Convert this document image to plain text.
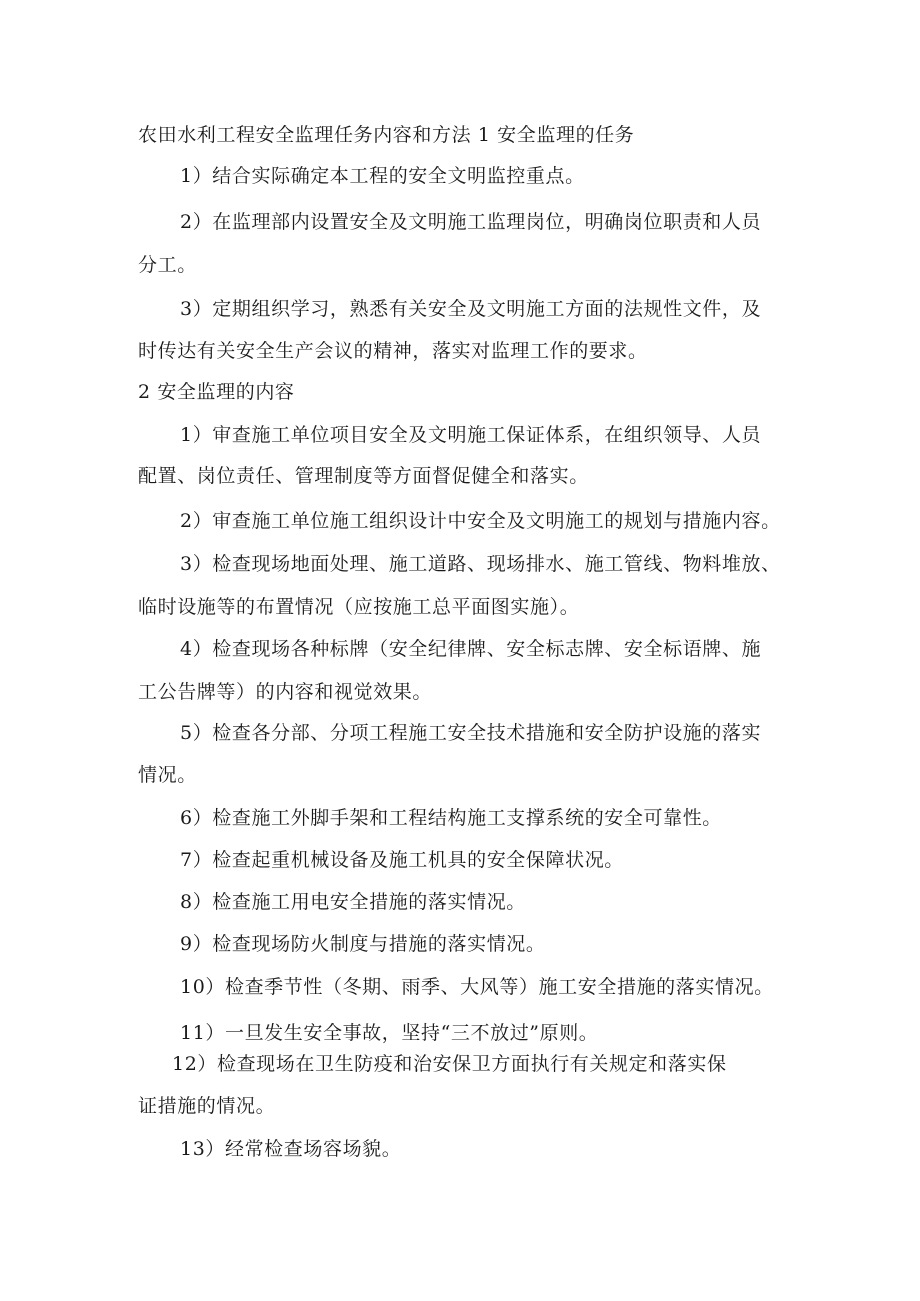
农田水利工程安全监理任务内容和方法 1 安全监理的任务
1）结合实际确定本工程的安全文明监控重点。
2）在监理部内设置安全及文明施工监理岗位，明确岗位职责和人员
分工。
3）定期组织学习，熟悉有关安全及文明施工方面的法规性文件，及
时传达有关安全生产会议的精神，落实对监理工作的要求。
2 安全监理的内容
1）审查施工单位项目安全及文明施工保证体系，在组织领导、人员
配置、岗位责任、管理制度等方面督促健全和落实。
2）审查施工单位施工组织设计中安全及文明施工的规划与措施内容。
3）检查现场地面处理、施工道路、现场排水、施工管线、物料堆放、
临时设施等的布置情况（应按施工总平面图实施）。
4）检查现场各种标牌（安全纪律牌、安全标志牌、安全标语牌、施
工公告牌等）的内容和视觉效果。
5）检查各分部、分项工程施工安全技术措施和安全防护设施的落实
情况。
6）检查施工外脚手架和工程结构施工支撑系统的安全可靠性。
7）检查起重机械设备及施工机具的安全保障状况。
8）检查施工用电安全措施的落实情况。
9）检查现场防火制度与措施的落实情况。
10）检查季节性（冬期、雨季、大风等）施工安全措施的落实情况。
11）一旦发生安全事故，坚持“三不放过”原则。
12）检查现场在卫生防疫和治安保卫方面执行有关规定和落实保
证措施的情况。
13）经常检查场容场貌。
